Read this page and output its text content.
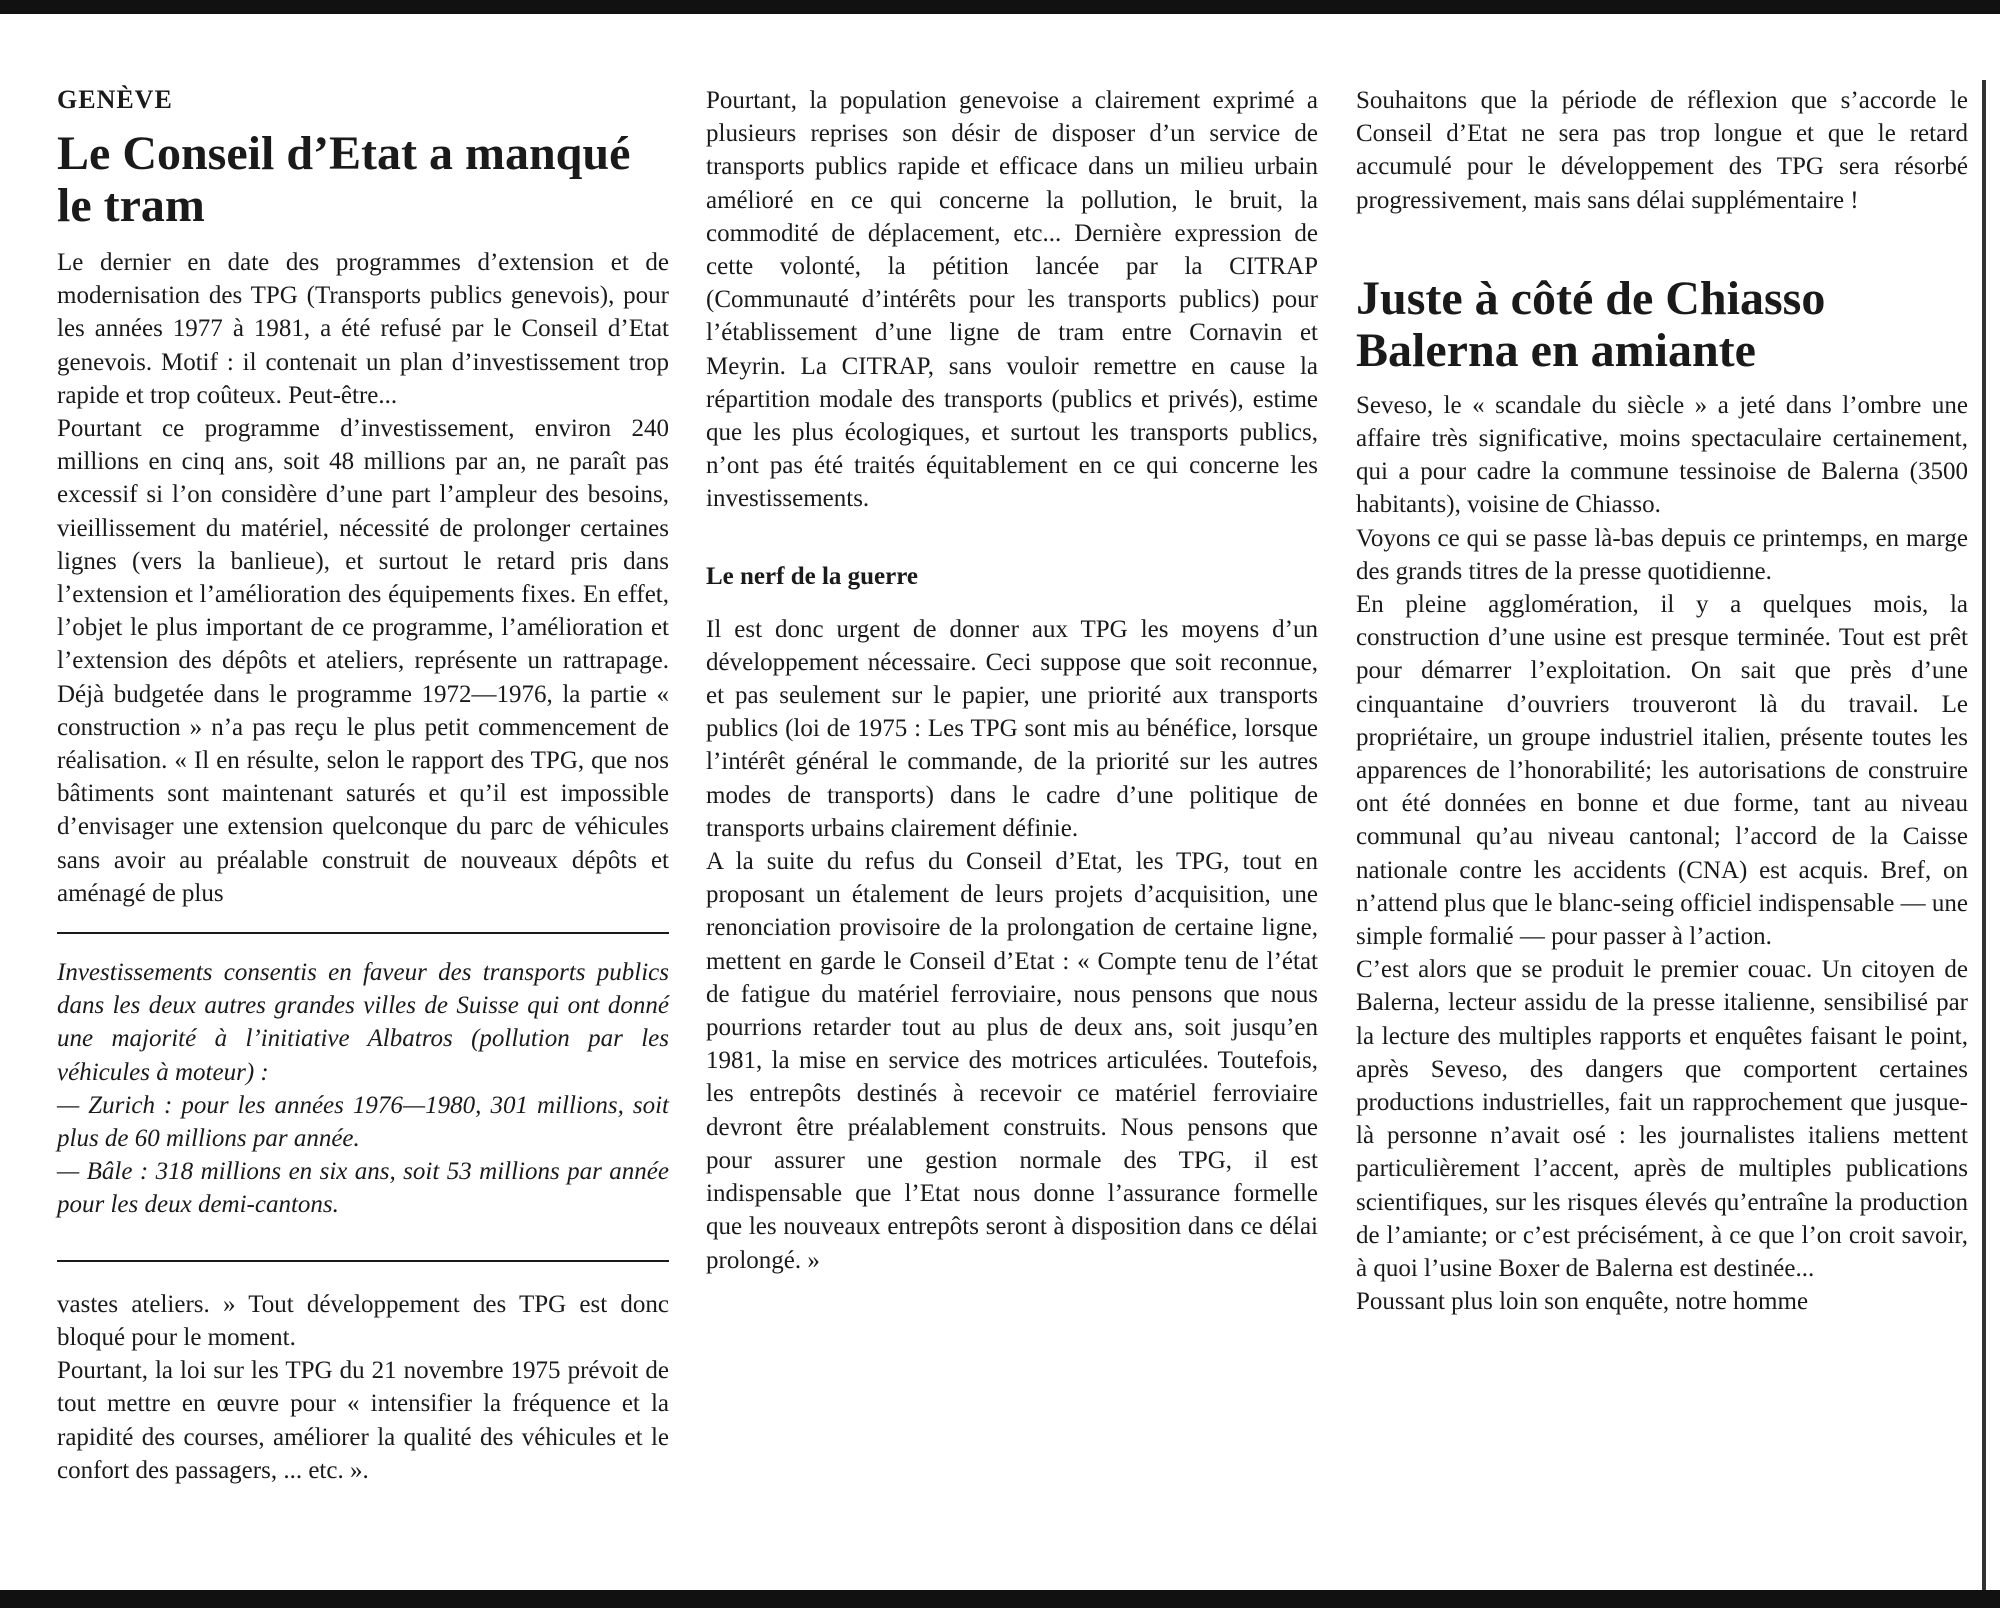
GENÈVE
Le Conseil d’Etat a manqué le tram

Le dernier en date des programmes d’extension et de modernisation des TPG (Transports publics genevois), pour les années 1977 à 1981, a été refusé par le Conseil d’Etat genevois. Motif : il contenait un plan d’investissement trop rapide et trop coûteux. Peut-être...

Pourtant ce programme d’investissement, environ 240 millions en cinq ans, soit 48 millions par an, ne paraît pas excessif si l’on considère d’une part l’ampleur des besoins, vieillissement du matériel, nécessité de prolonger certaines lignes (vers la banlieue), et surtout le retard pris dans l’extension et l’amélioration des équipements fixes. En effet, l’objet le plus important de ce programme, l’amélioration et l’extension des dépôts et ateliers, représente un rattrapage. Déjà budgetée dans le programme 1972—1976, la partie « construction » n’a pas reçu le plus petit commencement de réalisation. « Il en résulte, selon le rapport des TPG, que nos bâtiments sont maintenant saturés et qu’il est impossible d’envisager une extension quelconque du parc de véhicules sans avoir au préalable construit de nouveaux dépôts et aménagé de plus

Investissements consentis en faveur des transports publics dans les deux autres grandes villes de Suisse qui ont donné une majorité à l’initiative Albatros (pollution par les véhicules à moteur) :

— Zurich : pour les années 1976—1980, 301 millions, soit plus de 60 millions par année.

— Bâle : 318 millions en six ans, soit 53 millions par année pour les deux demi-cantons.

vastes ateliers. » Tout développement des TPG est donc bloqué pour le moment.

Pourtant, la loi sur les TPG du 21 novembre 1975 prévoit de tout mettre en œuvre pour « intensifier la fréquence et la rapidité des courses, améliorer la qualité des véhicules et le confort des passagers, ... etc. ».

Pourtant, la population genevoise a clairement exprimé a plusieurs reprises son désir de disposer d’un service de transports publics rapide et efficace dans un milieu urbain amélioré en ce qui concerne la pollution, le bruit, la commodité de déplacement, etc... Dernière expression de cette volonté, la pétition lancée par la CITRAP (Communauté d’intérêts pour les transports publics) pour l’établissement d’une ligne de tram entre Cornavin et Meyrin. La CITRAP, sans vouloir remettre en cause la répartition modale des transports (publics et privés), estime que les plus écologiques, et surtout les transports publics, n’ont pas été traités équitablement en ce qui concerne les investissements.

Le nerf de la guerre

Il est donc urgent de donner aux TPG les moyens d’un développement nécessaire. Ceci suppose que soit reconnue, et pas seulement sur le papier, une priorité aux transports publics (loi de 1975 : Les TPG sont mis au bénéfice, lorsque l’intérêt général le commande, de la priorité sur les autres modes de transports) dans le cadre d’une politique de transports urbains clairement définie.

A la suite du refus du Conseil d’Etat, les TPG, tout en proposant un étalement de leurs projets d’acquisition, une renonciation provisoire de la prolongation de certaine ligne, mettent en garde le Conseil d’Etat : « Compte tenu de l’état de fatigue du matériel ferroviaire, nous pensons que nous pourrions retarder tout au plus de deux ans, soit jusqu’en 1981, la mise en service des motrices articulées. Toutefois, les entrepôts destinés à recevoir ce matériel ferroviaire devront être préalablement construits. Nous pensons que pour assurer une gestion normale des TPG, il est indispensable que l’Etat nous donne l’assurance formelle que les nouveaux entrepôts seront à disposition dans ce délai prolongé. »

Souhaitons que la période de réflexion que s’accorde le Conseil d’Etat ne sera pas trop longue et que le retard accumulé pour le développement des TPG sera résorbé progressivement, mais sans délai supplémentaire !

Juste à côté de Chiasso Balerna en amiante

Seveso, le « scandale du siècle » a jeté dans l’ombre une affaire très significative, moins spectaculaire certainement, qui a pour cadre la commune tessinoise de Balerna (3500 habitants), voisine de Chiasso.

Voyons ce qui se passe là-bas depuis ce printemps, en marge des grands titres de la presse quotidienne.

En pleine agglomération, il y a quelques mois, la construction d’une usine est presque terminée. Tout est prêt pour démarrer l’exploitation. On sait que près d’une cinquantaine d’ouvriers trouveront là du travail. Le propriétaire, un groupe industriel italien, présente toutes les apparences de l’honorabilité; les autorisations de construire ont été données en bonne et due forme, tant au niveau communal qu’au niveau cantonal; l’accord de la Caisse nationale contre les accidents (CNA) est acquis. Bref, on n’attend plus que le blanc-seing officiel indispensable — une simple formalié — pour passer à l’action.

C’est alors que se produit le premier couac. Un citoyen de Balerna, lecteur assidu de la presse italienne, sensibilisé par la lecture des multiples rapports et enquêtes faisant le point, après Seveso, des dangers que comportent certaines productions industrielles, fait un rapprochement que jusque-là personne n’avait osé : les journalistes italiens mettent particulièrement l’accent, après de multiples publications scientifiques, sur les risques élevés qu’entraîne la production de l’amiante; or c’est précisément, à ce que l’on croit savoir, à quoi l’usine Boxer de Balerna est destinée...

Poussant plus loin son enquête, notre homme
